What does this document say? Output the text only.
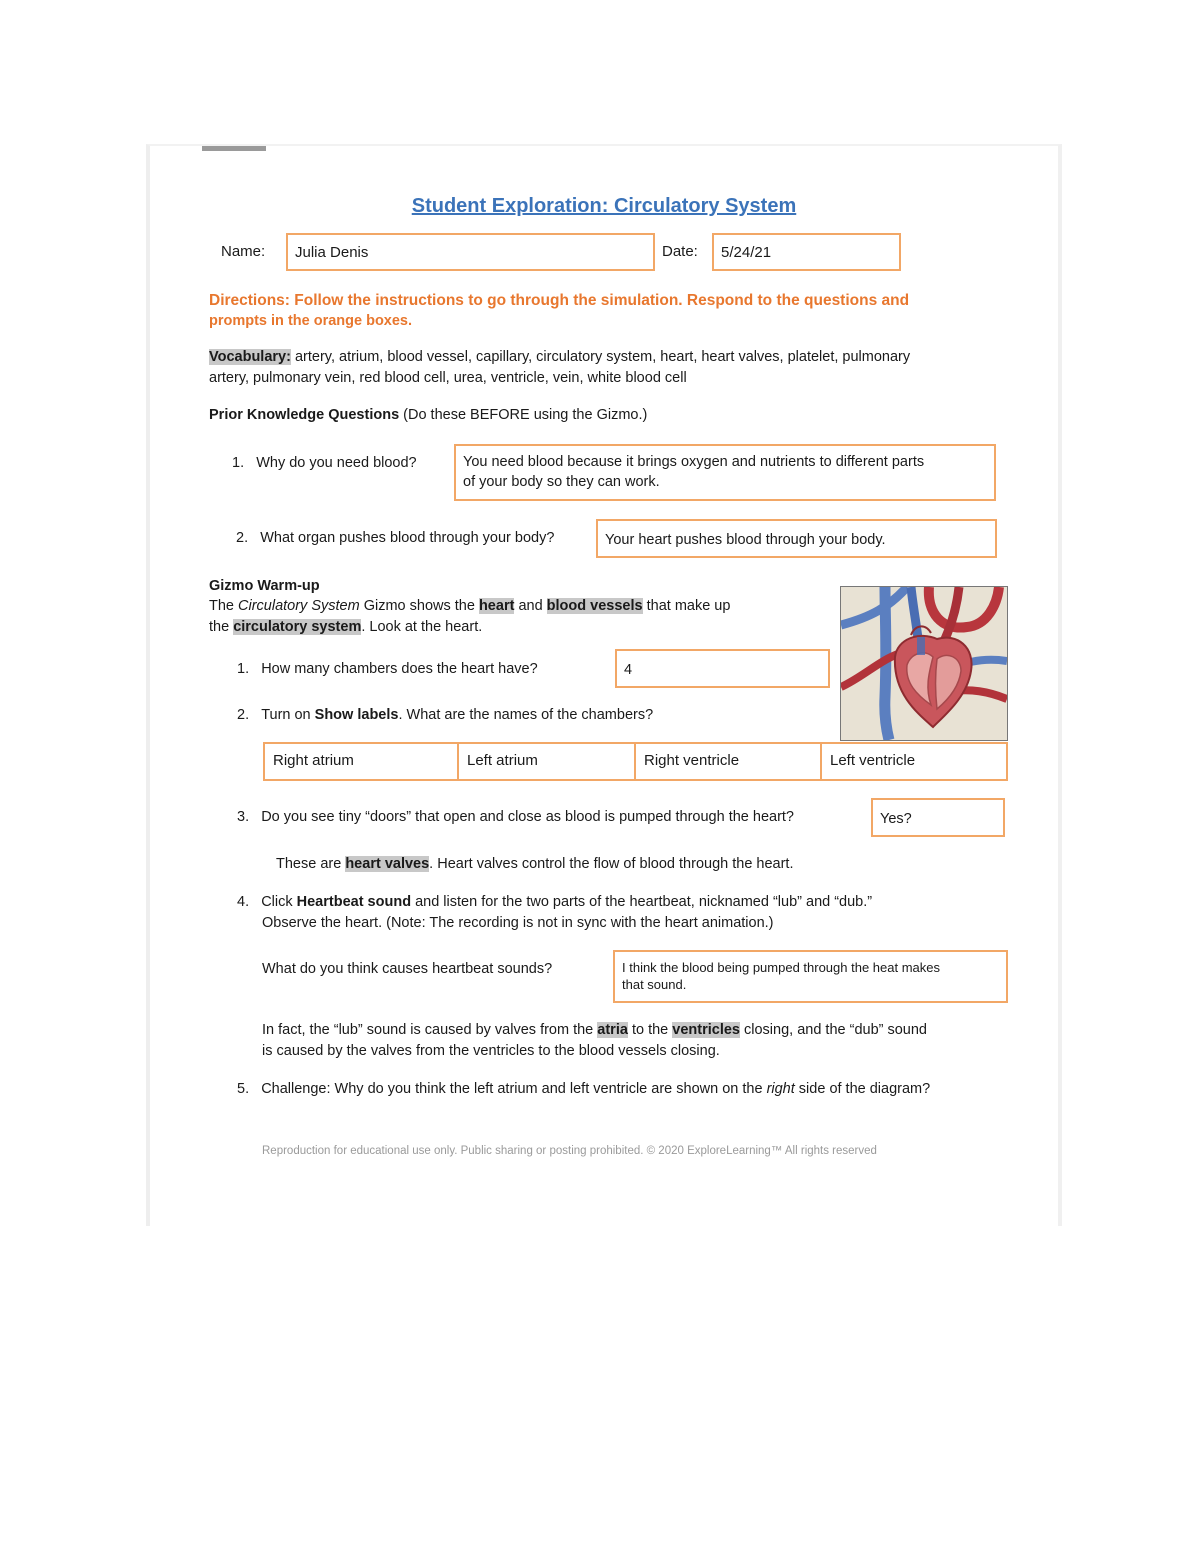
Student Exploration: Circulatory System
Name:	Julia Denis	Date:	5/24/21
Directions: Follow the instructions to go through the simulation. Respond to the questions and
prompts in the orange boxes.
Vocabulary: artery, atrium, blood vessel, capillary, circulatory system, heart, heart valves, platelet, pulmonary
artery, pulmonary vein, red blood cell, urea, ventricle, vein, white blood cell
Prior Knowledge Questions (Do these BEFORE using the Gizmo.)
1. Why do you need blood?	You need blood because it brings oxygen and nutrients to different parts
of your body so they can work.
2. What organ pushes blood through your body?	Your heart pushes blood through your body.
Gizmo Warm-up
The Circulatory System Gizmo shows the heart and blood vessels that make up
the circulatory system. Look at the heart.
1. How many chambers does the heart have?	4
2. Turn on Show labels. What are the names of the chambers?
Right atrium	Left atrium	Right ventricle	Left ventricle
3. Do you see tiny “doors” that open and close as blood is pumped through the heart?	Yes?
These are heart valves. Heart valves control the flow of blood through the heart.
4. Click Heartbeat sound and listen for the two parts of the heartbeat, nicknamed “lub” and “dub.”
Observe the heart. (Note: The recording is not in sync with the heart animation.)
What do you think causes heartbeat sounds?	I think the blood being pumped through the heat makes
that sound.
In fact, the “lub” sound is caused by valves from the atria to the ventricles closing, and the “dub” sound
is caused by the valves from the ventricles to the blood vessels closing.
5. Challenge: Why do you think the left atrium and left ventricle are shown on the right side of the diagram?
Reproduction for educational use only. Public sharing or posting prohibited. © 2020 ExploreLearning™ All rights reserved
